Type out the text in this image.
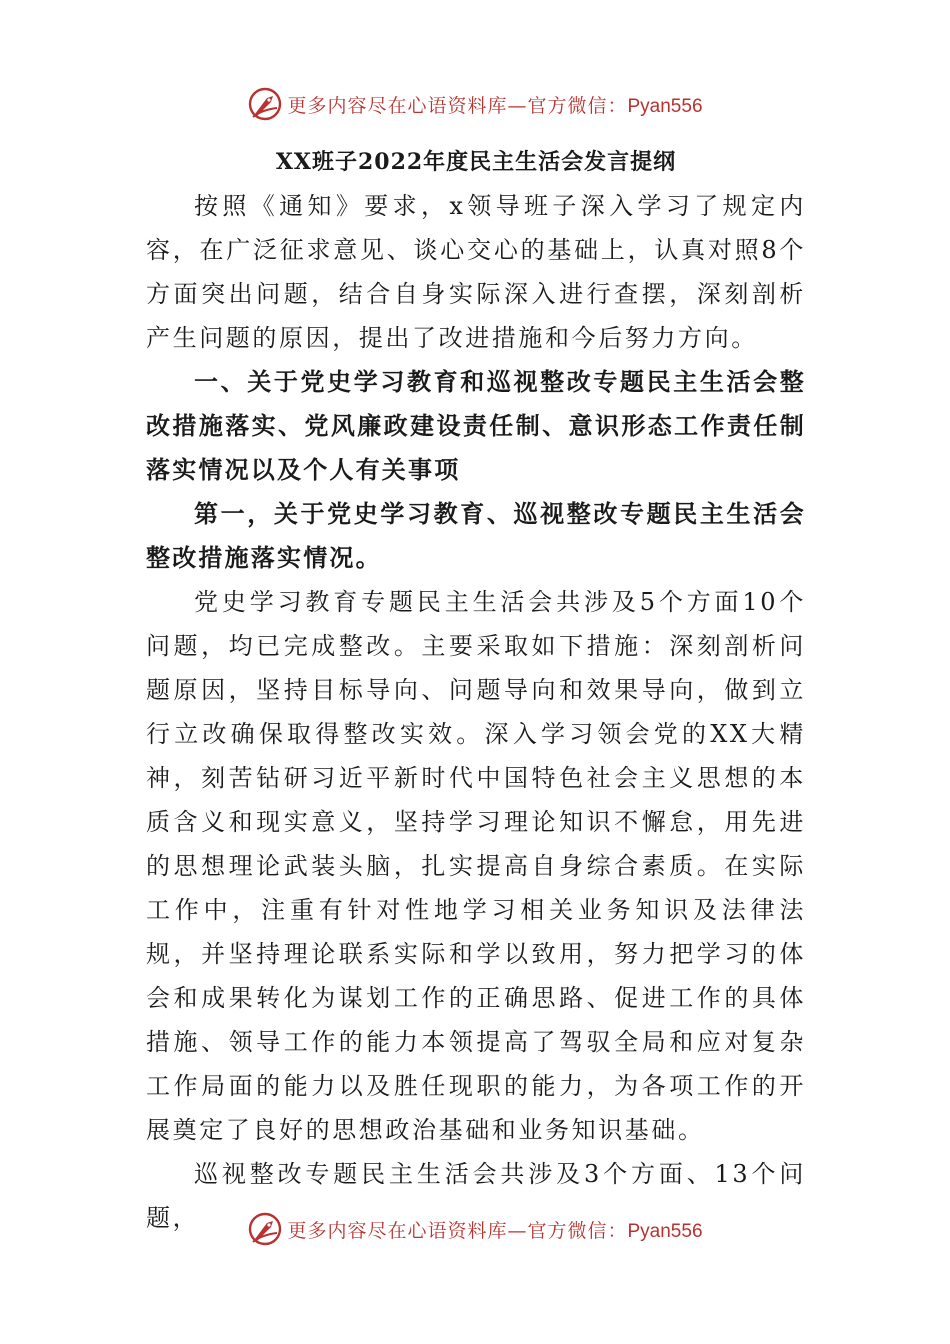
更多内容尽在心语资料库—官方微信：Pyan556
XX班子2022年度民主生活会发言提纲

按照《通知》要求，x领导班子深入学习了规定内容，在广泛征求意见、谈心交心的基础上，认真对照8个方面突出问题，结合自身实际深入进行查摆，深刻剖析产生问题的原因，提出了改进措施和今后努力方向。

一、关于党史学习教育和巡视整改专题民主生活会整改措施落实、党风廉政建设责任制、意识形态工作责任制落实情况以及个人有关事项

第一，关于党史学习教育、巡视整改专题民主生活会整改措施落实情况。

党史学习教育专题民主生活会共涉及5个方面10个问题，均已完成整改。主要采取如下措施：深刻剖析问题原因，坚持目标导向、问题导向和效果导向，做到立行立改确保取得整改实效。深入学习领会党的XX大精神，刻苦钻研习近平新时代中国特色社会主义思想的本质含义和现实意义，坚持学习理论知识不懈怠，用先进的思想理论武装头脑，扎实提高自身综合素质。在实际工作中，注重有针对性地学习相关业务知识及法律法规，并坚持理论联系实际和学以致用，努力把学习的体会和成果转化为谋划工作的正确思路、促进工作的具体措施、领导工作的能力本领提高了驾驭全局和应对复杂工作局面的能力以及胜任现职的能力，为各项工作的开展奠定了良好的思想政治基础和业务知识基础。

巡视整改专题民主生活会共涉及3个方面、13个问题，	更多内容尽在心语资料库—官方微信：Pyan556
